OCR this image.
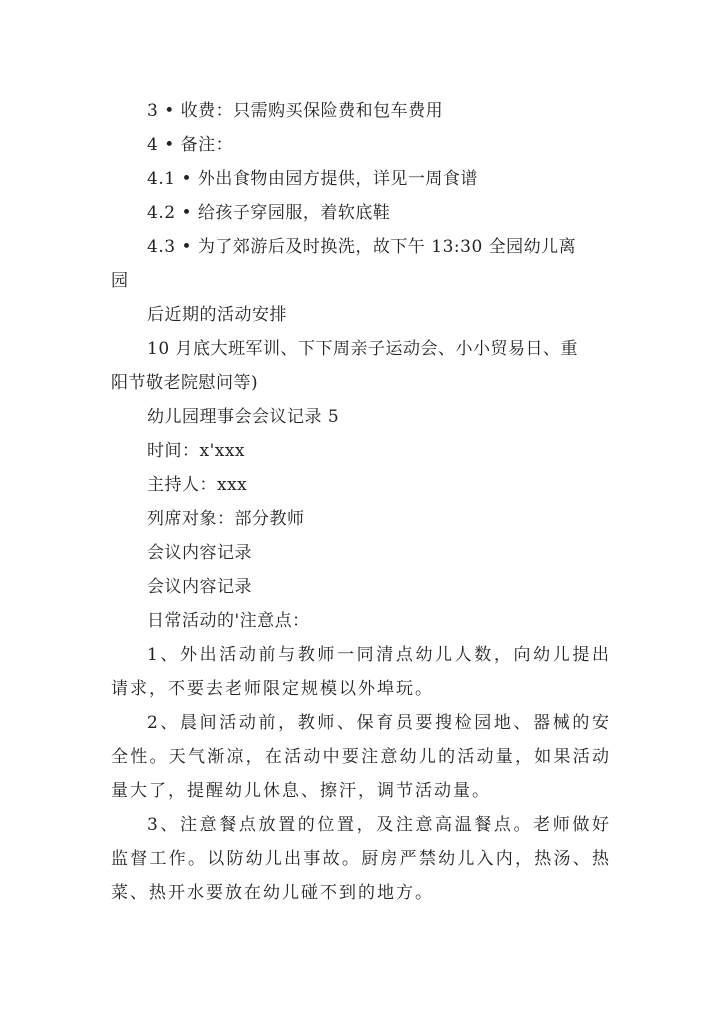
3 • 收费：只需购买保险费和包车费用

4 • 备注：

4.1 • 外出食物由园方提供，详见一周食谱

4.2 • 给孩子穿园服，着软底鞋

4.3 • 为了郊游后及时换洗，故下午 13:30 全园幼儿离

园

后近期的活动安排

10 月底大班军训、下下周亲子运动会、小小贸易日、重

阳节敬老院慰问等)

幼儿园理事会会议记录 5

时间：x'xxx

主持人：xxx

列席对象：部分教师

会议内容记录

会议内容记录

日常活动的'注意点：

1、外出活动前与教师一同清点幼儿人数，向幼儿提出请求，不要去老师限定规模以外埠玩。

2、晨间活动前，教师、保育员要搜检园地、器械的安全性。天气渐凉，在活动中要注意幼儿的活动量，如果活动量大了，提醒幼儿休息、擦汗，调节活动量。

3、注意餐点放置的位置，及注意高温餐点。老师做好监督工作。以防幼儿出事故。厨房严禁幼儿入内，热汤、热菜、热开水要放在幼儿碰不到的地方。
